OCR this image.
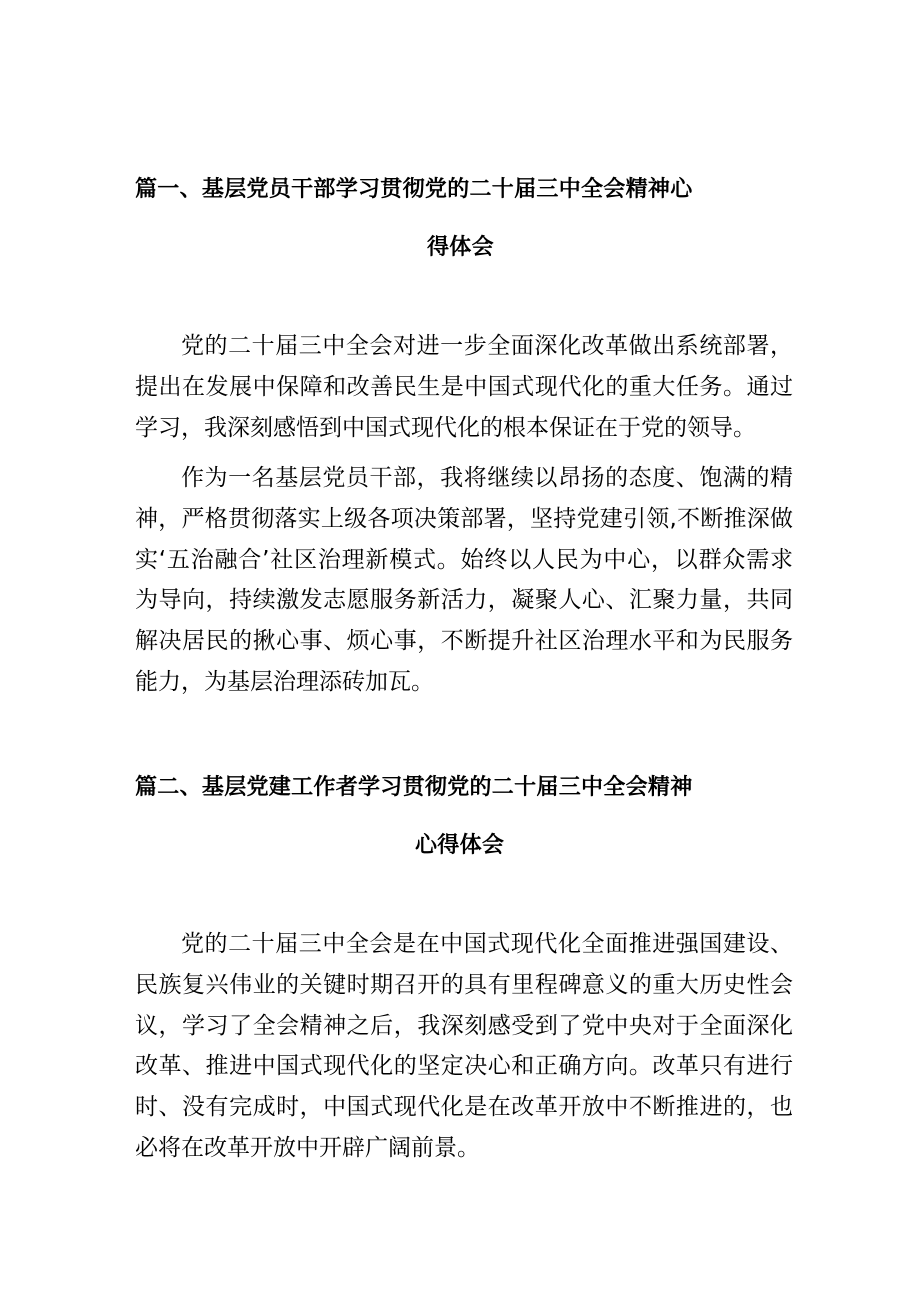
篇一、基层党员干部学习贯彻党的二十届三中全会精神心
得体会

党的二十届三中全会对进一步全面深化改革做出系统部署，提出在发展中保障和改善民生是中国式现代化的重大任务。通过学习，我深刻感悟到中国式现代化的根本保证在于党的领导。

作为一名基层党员干部，我将继续以昂扬的态度、饱满的精神，严格贯彻落实上级各项决策部署，坚持党建引领,不断推深做实‘五治融合’社区治理新模式。始终以人民为中心，以群众需求为导向，持续激发志愿服务新活力，凝聚人心、汇聚力量，共同解决居民的揪心事、烦心事，不断提升社区治理水平和为民服务能力，为基层治理添砖加瓦。

篇二、基层党建工作者学习贯彻党的二十届三中全会精神
心得体会

党的二十届三中全会是在中国式现代化全面推进强国建设、民族复兴伟业的关键时期召开的具有里程碑意义的重大历史性会议，学习了全会精神之后，我深刻感受到了党中央对于全面深化改革、推进中国式现代化的坚定决心和正确方向。改革只有进行时、没有完成时，中国式现代化是在改革开放中不断推进的，也必将在改革开放中开辟广阔前景。
